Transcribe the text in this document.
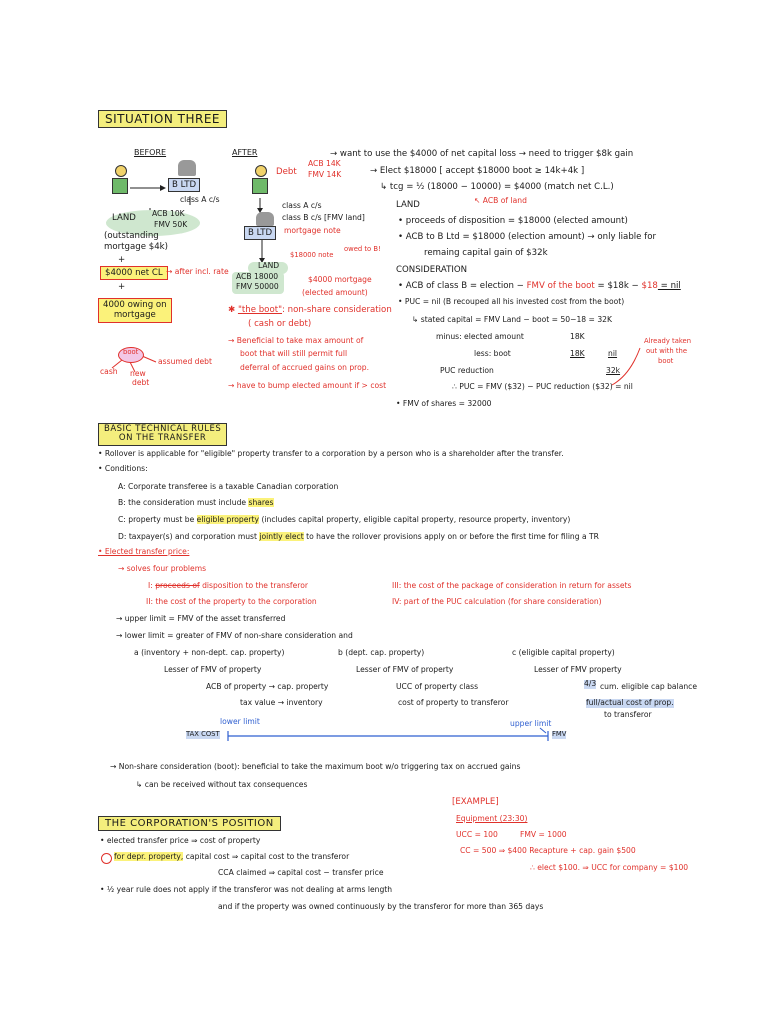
SITUATION THREE
BEFORE
B LTD
class A c/s
LAND ACB 10K
FMV 50K
(outstanding
mortgage $4k)
+
$4000 net CL → after incl. rate
+
4000 owing on
mortgage
boot
cash new
debt
assumed debt
AFTER
Debt
ACB 14K
FMV 14K
class A c/s
class B c/s [FMV land]
B LTD	mortgage note
$18000 note
owed to B!
LAND
ACB 18000
FMV 50000
$4000 mortgage
(elected amount)
✱ "the boot": non-share consideration
( cash or debt)
→ Beneficial to take max amount of
boot that will still permit full
deferral of accrued gains on prop.
→ have to bump elected amount if > cost
→ want to use the $4000 of net capital loss → need to trigger $8k gain
→ Elect $18000 [ accept $18000 boot ≥ 14k+4k ]
↳ tcg = ½ (18000 − 10000) = $4000 (match net C.L.)
↖ ACB of land
LAND
• proceeds of disposition = $18000 (elected amount)
• ACB to B Ltd = $18000 (election amount) → only liable for
remaing capital gain of $32k
CONSIDERATION
• ACB of class B = election − FMV of the boot = $18k − $18 = nil
• PUC = nil (B recouped all his invested cost from the boot)
↳ stated capital = FMV Land − boot = 50−18 = 32K
minus: elected amount	18K
less: boot	18K	nil
PUC reduction	32k
∴ PUC = FMV ($32) − PUC reduction ($32) = nil
Already taken
out with the
boot
• FMV of shares = 32000
BASIC TECHNICAL RULES
ON THE TRANSFER
• Rollover is applicable for "eligible" property transfer to a corporation by a person who is a shareholder after the transfer.
• Conditions:
A: Corporate transferee is a taxable Canadian corporation
B: the consideration must include shares
C: property must be eligible property (includes capital property, eligible capital property, resource property, inventory)
D: taxpayer(s) and corporation must jointly elect to have the rollover provisions apply on or before the first time for filing a TR
• Elected transfer price:
→ solves four problems
I: proceeds of disposition to the transferor
II: the cost of the property to the corporation
III: the cost of the package of consideration in return for assets
IV: part of the PUC calculation (for share consideration)
→ upper limit = FMV of the asset transferred
→ lower limit = greater of FMV of non-share consideration and
a (inventory + non-dept. cap. property)	b (dept. cap. property)	c (eligible capital property)
Lesser of FMV of property	Lesser of FMV of property	Lesser of FMV property
ACB of property → cap. property
tax value → inventory
UCC of property class
cost of property to transferor
4/3 cum. eligible cap balance
full/actual cost of prop.
to transferor
lower limit	upper limit
TAX COST	FMV
→ Non-share consideration (boot): beneficial to take the maximum boot w/o triggering tax on accrued gains
↳ can be received without tax consequences
THE CORPORATION'S POSITION
• elected transfer price ⇒ cost of property
for depr. property, capital cost ⇒ capital cost to the transferor
CCA claimed ⇒ capital cost − transfer price
• ½ year rule does not apply if the transferor was not dealing at arms length
and if the property was owned continuously by the transferor for more than 365 days
[EXAMPLE]
Equipment (23:30)
UCC = 100	FMV = 1000
CC = 500 ⇒ $400 Recapture + cap. gain $500
∴ elect $100. ⇒ UCC for company = $100
